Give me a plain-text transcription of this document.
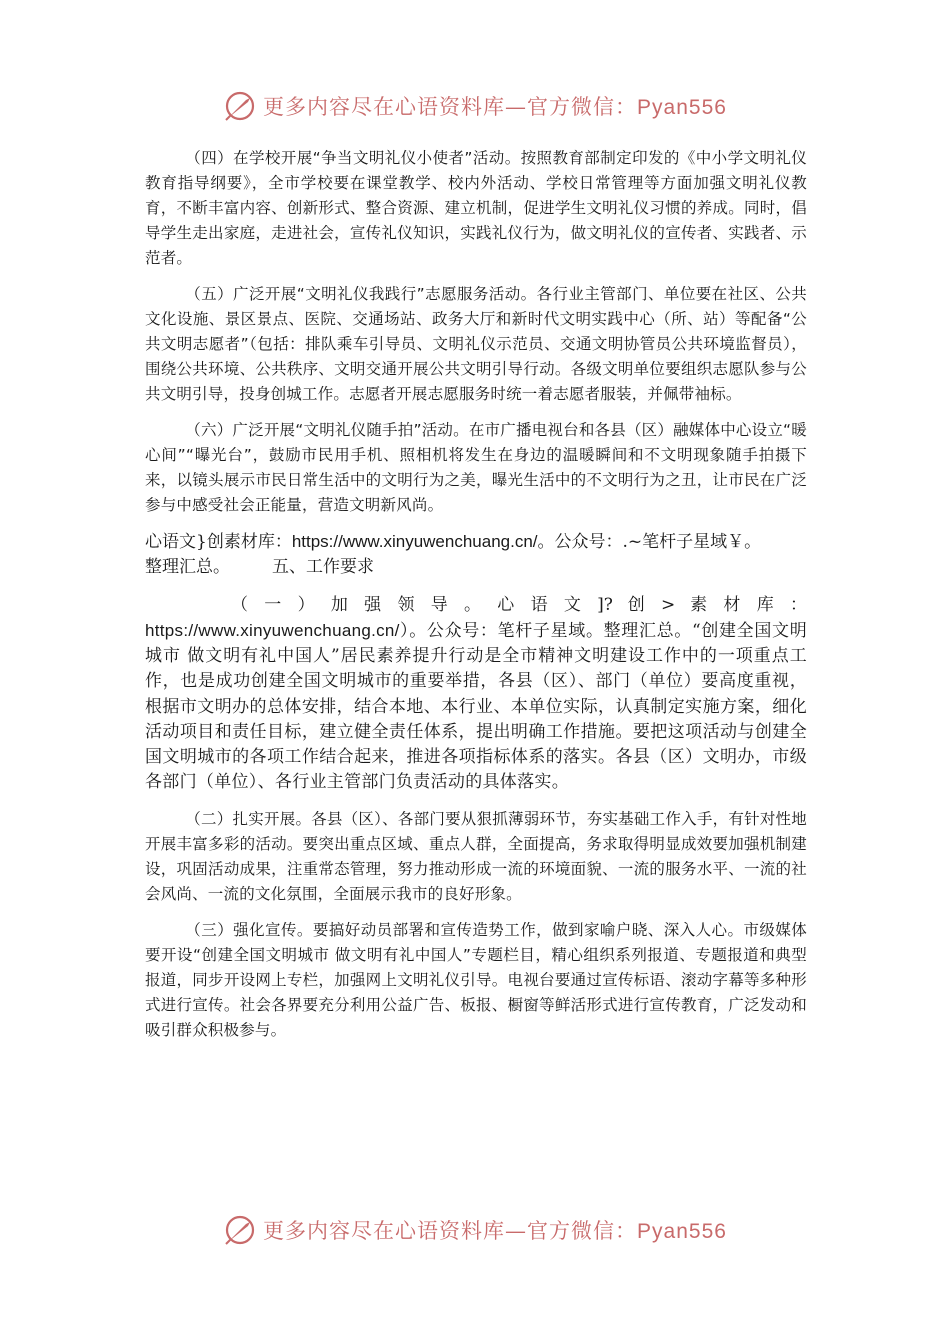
更多内容尽在心语资料库—官方微信：Pyan556

（四）在学校开展“争当文明礼仪小使者”活动。按照教育部制定印发的《中小学文明礼仪教育指导纲要》，全市学校要在课堂教学、校内外活动、学校日常管理等方面加强文明礼仪教育，不断丰富内容、创新形式、整合资源、建立机制，促进学生文明礼仪习惯的养成。同时，倡导学生走出家庭，走进社会，宣传礼仪知识，实践礼仪行为，做文明礼仪的宣传者、实践者、示范者。

（五）广泛开展“文明礼仪我践行”志愿服务活动。各行业主管部门、单位要在社区、公共文化设施、景区景点、医院、交通场站、政务大厅和新时代文明实践中心（所、站）等配备“公共文明志愿者”（包括：排队乘车引导员、文明礼仪示范员、交通文明协管员公共环境监督员），围绕公共环境、公共秩序、文明交通开展公共文明引导行动。各级文明单位要组织志愿队参与公共文明引导，投身创城工作。志愿者开展志愿服务时统一着志愿者服装，并佩带袖标。

（六）广泛开展“文明礼仪随手拍”活动。在市广播电视台和各县（区）融媒体中心设立“暖心间”“曝光台”，鼓励市民用手机、照相机将发生在身边的温暖瞬间和不文明现象随手拍摄下来，以镜头展示市民日常生活中的文明行为之美，曝光生活中的不文明行为之丑，让市民在广泛参与中感受社会正能量，营造文明新风尚。

心语文}创素材库：https://www.xinyuwenchuang.cn/。公众号：.~笔杆子星域￥。

整理汇总。 五、工作要求

（ 一 ） 加 强 领 导 。 心 语 文 ]? 创 > 素 材 库 ：

https://www.xinyuwenchuang.cn/）。公众号：笔杆子星域。整理汇总。“创建全国文明城市 做文明有礼中国人”居民素养提升行动是全市精神文明建设工作中的一项重点工作，也是成功创建全国文明城市的重要举措，各县（区）、部门（单位）要高度重视，根据市文明办的总体安排，结合本地、本行业、本单位实际，认真制定实施方案，细化活动项目和责任目标，建立健全责任体系，提出明确工作措施。要把这项活动与创建全国文明城市的各项工作结合起来，推进各项指标体系的落实。各县（区）文明办，市级各部门（单位）、各行业主管部门负责活动的具体落实。

（二）扎实开展。各县（区）、各部门要从狠抓薄弱环节，夯实基础工作入手，有针对性地开展丰富多彩的活动。要突出重点区域、重点人群，全面提高，务求取得明显成效要加强机制建设，巩固活动成果，注重常态管理，努力推动形成一流的环境面貌、一流的服务水平、一流的社会风尚、一流的文化氛围，全面展示我市的良好形象。

（三）强化宣传。要搞好动员部署和宣传造势工作，做到家喻户晓、深入人心。市级媒体要开设“创建全国文明城市 做文明有礼中国人”专题栏目，精心组织系列报道、专题报道和典型报道，同步开设网上专栏，加强网上文明礼仪引导。电视台要通过宣传标语、滚动字幕等多种形式进行宣传。社会各界要充分利用公益广告、板报、橱窗等鲜活形式进行宣传教育，广泛发动和吸引群众积极参与。

更多内容尽在心语资料库—官方微信：Pyan556
